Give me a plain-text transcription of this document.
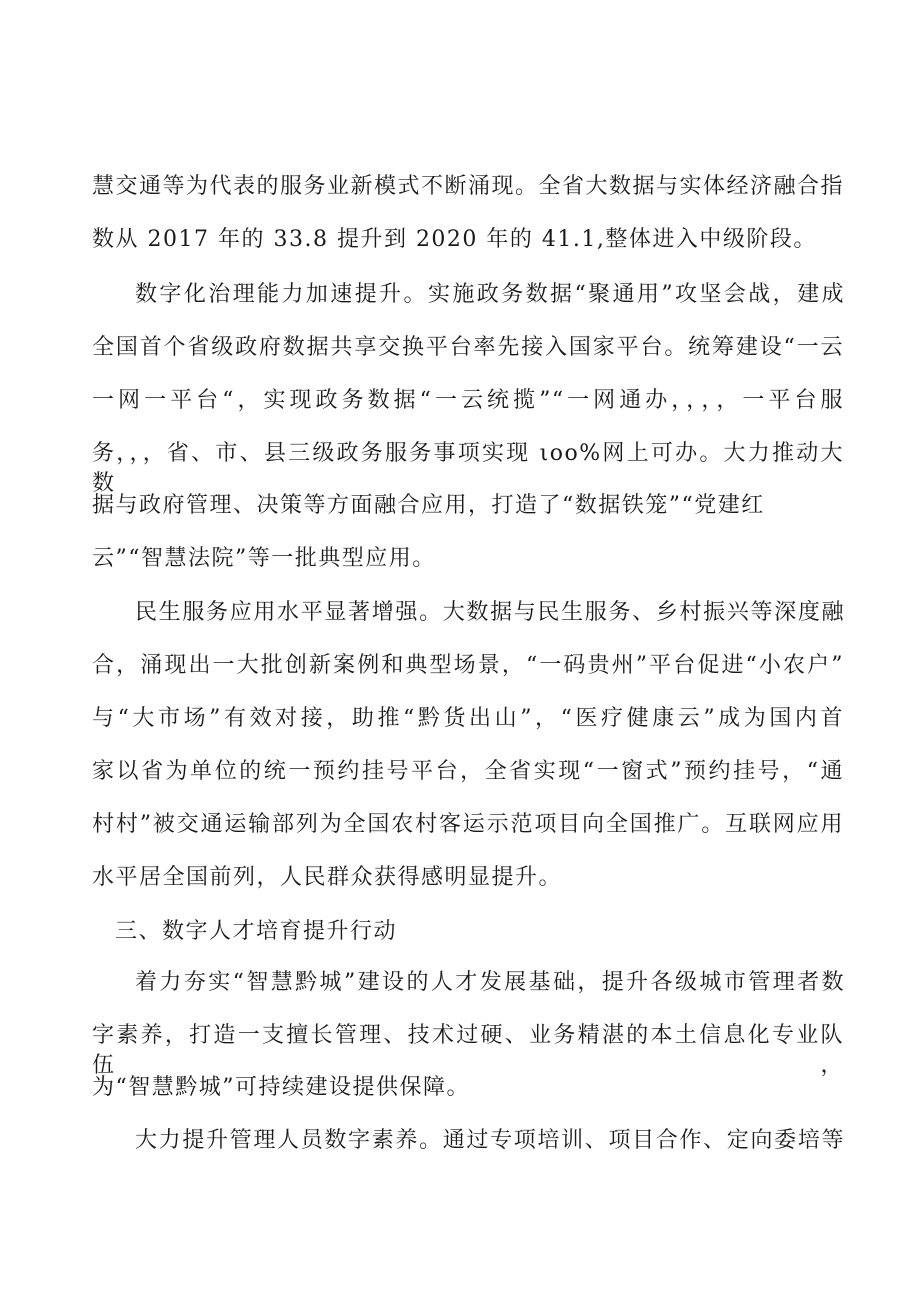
慧交通等为代表的服务业新模式不断涌现。全省大数据与实体经济融合指
数从 2017 年的 33.8 提升到 2020 年的 41.1,整体进入中级阶段。
数字化治理能力加速提升。实施政务数据“聚通用”攻坚会战，建成
全国首个省级政府数据共享交换平台率先接入国家平台。统筹建设“一云
一网一平台“，实现政务数据“一云统揽”“一网通办，，，，一平台服
务，，，省、市、县三级政务服务事项实现 ιoo%网上可办。大力推动大数
据与政府管理、决策等方面融合应用，打造了“数据铁笼”“党建红
云”“智慧法院”等一批典型应用。
民生服务应用水平显著增强。大数据与民生服务、乡村振兴等深度融
合，涌现出一大批创新案例和典型场景，“一码贵州”平台促进“小农户”
与“大市场”有效对接，助推“黔货出山”，“医疗健康云”成为国内首
家以省为单位的统一预约挂号平台，全省实现“一窗式”预约挂号，“通
村村”被交通运输部列为全国农村客运示范项目向全国推广。互联网应用
水平居全国前列，人民群众获得感明显提升。
三、数字人才培育提升行动
着力夯实“智慧黔城”建设的人才发展基础，提升各级城市管理者数
字素养，打造一支擅长管理、技术过硬、业务精湛的本土信息化专业队伍，
为“智慧黔城”可持续建设提供保障。
大力提升管理人员数字素养。通过专项培训、项目合作、定向委培等
